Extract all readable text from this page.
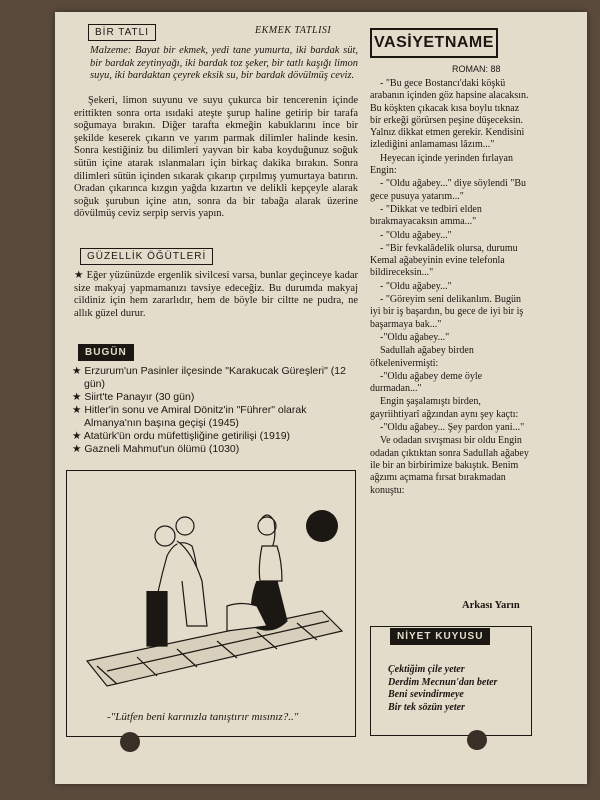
BİR TATLI	EKMEK TATLISI
Malzeme: Bayat bir ekmek, yedi tane yumurta, iki bardak süt, bir bardak zeytinyağı, iki bardak toz şeker, bir tatlı kaşığı limon suyu, iki bardaktan çeyrek eksik su, bir bardak dövülmüş ceviz.
Şekeri, limon suyunu ve suyu çukurca bir tencerenin içinde erittikten sonra orta ısıdaki ateşte şurup haline getirip bir tarafa soğumaya bırakın. Diğer tarafta ekmeğin kabuklarını ince bir şekilde keserek çıkarın ve yarım parmak dilimler halinde kesin. Sonra kestiğiniz bu dilimleri yayvan bir kaba koyduğunuz soğuk sütün içine atarak ıslanmaları için birkaç dakika bırakın. Sonra dilimleri sütün içinden sıkarak çıkarıp çırpılmış yumurtaya batırın. Oradan çıkarınca kızgın yağda kızartın ve delikli kepçeyle alarak soğuk şurubun içine atın, sonra da bir tabağa alarak üzerine dövülmüş ceviz serpip servis yapın.
GÜZELLİK ÖĞÜTLERİ
★ Eğer yüzünüzde ergenlik sivilcesi varsa, bunlar geçinceye kadar size makyaj yapmamanızı tavsiye edeceğiz. Bu durumda makyaj cildiniz için hem zararlıdır, hem de böyle bir ciltte ne pudra, ne allık güzel durur.
BUGÜN
★ Erzurum'un Pasinler ilçesinde "Karakucak Güreşleri" (12 gün)
★ Siirt'te Panayır (30 gün)
★ Hitler'in sonu ve Amiral Dönitz'in "Führer" olarak Almanya'nın başına geçişi (1945)
★ Atatürk'ün ordu müfettişliğine getirilişi (1919)
★ Gazneli Mahmut'un ölümü (1030)
-"Lütfen beni karınızla tanıştırır mısınız?.."
VASİYETNAME
ROMAN: 88

- "Bu gece Bostancı'daki köşkü arabanın içinden göz hapsine alacaksın. Bu köşkten çıkacak kısa boylu tıknaz bir erkeği görürsen peşine düşeceksin. Yalnız dikkat etmen gerekir. Kendisini izlediğini anlamaması lâzım..."

Heyecan içinde yerinden fırlayan Engin:

- "Oldu ağabey..." diye söylendi "Bu gece pusuya yatarım..."

- "Dikkat ve tedbiri elden bırakmayacaksın amma..."

- "Oldu ağabey..."

- "Bir fevkalâdelik olursa, durumu Kemal ağabeyinin evine telefonla bildireceksin..."

- "Oldu ağabey..."

- "Göreyim seni delikanlım. Bugün iyi bir iş başardın, bu gece de iyi bir iş başarmaya bak..."

-"Oldu ağabey..."

Sadullah ağabey birden öfkelenivermişti:

-"Oldu ağabey deme öyle durmadan..."

Engin şaşalamıştı birden, gayriihtiyarî ağzından aynı şey kaçtı:

-"Oldu ağabey... Şey pardon yani..."

Ve odadan sıvışması bir oldu Engin odadan çıktıktan sonra Sadullah ağabey ile bir an birbirimize bakıştık. Benim ağzımı açmama fırsat bırakmadan konuştu:

Arkası Yarın
NİYET KUYUSU
Çektiğim çile yeter
Derdim Mecnun'dan beter
Beni sevindirmeye
Bir tek sözün yeter
